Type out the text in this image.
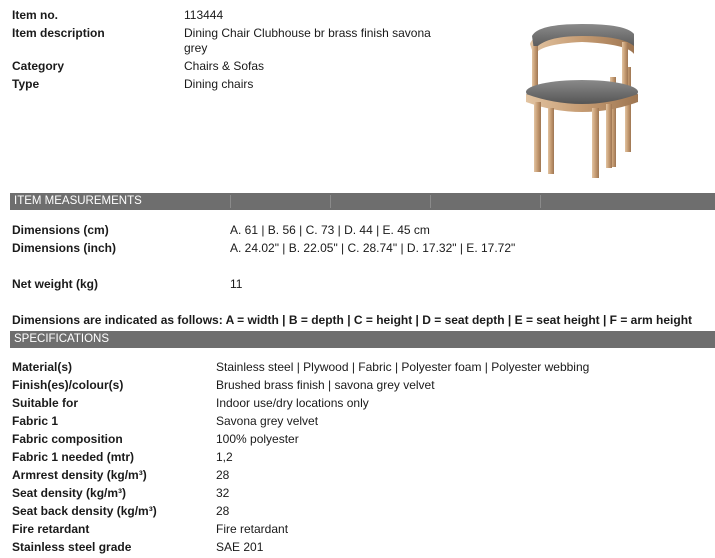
Item no.	113444
Item description	Dining Chair Clubhouse br brass finish savona
grey
Category	Chairs & Sofas
Type	Dining chairs
ITEM MEASUREMENTS
Dimensions (cm)	A. 61 | B. 56 | C. 73 | D. 44 | E. 45 cm
Dimensions (inch)	A. 24.02" | B. 22.05" | C. 28.74" | D. 17.32" | E. 17.72"
Net weight (kg)	11
Dimensions are indicated as follows: A = width | B = depth | C = height | D = seat depth | E = seat height | F = arm height
SPECIFICATIONS
Material(s)	Stainless steel | Plywood | Fabric | Polyester foam | Polyester webbing
Finish(es)/colour(s)	Brushed brass finish | savona grey velvet
Suitable for	Indoor use/dry locations only
Fabric 1	Savona grey velvet
Fabric composition	100% polyester
Fabric 1 needed (mtr)	1,2
Armrest density (kg/m³)	28
Seat density (kg/m³)	32
Seat back density (kg/m³)	28
Fire retardant	Fire retardant
Stainless steel grade	SAE 201
